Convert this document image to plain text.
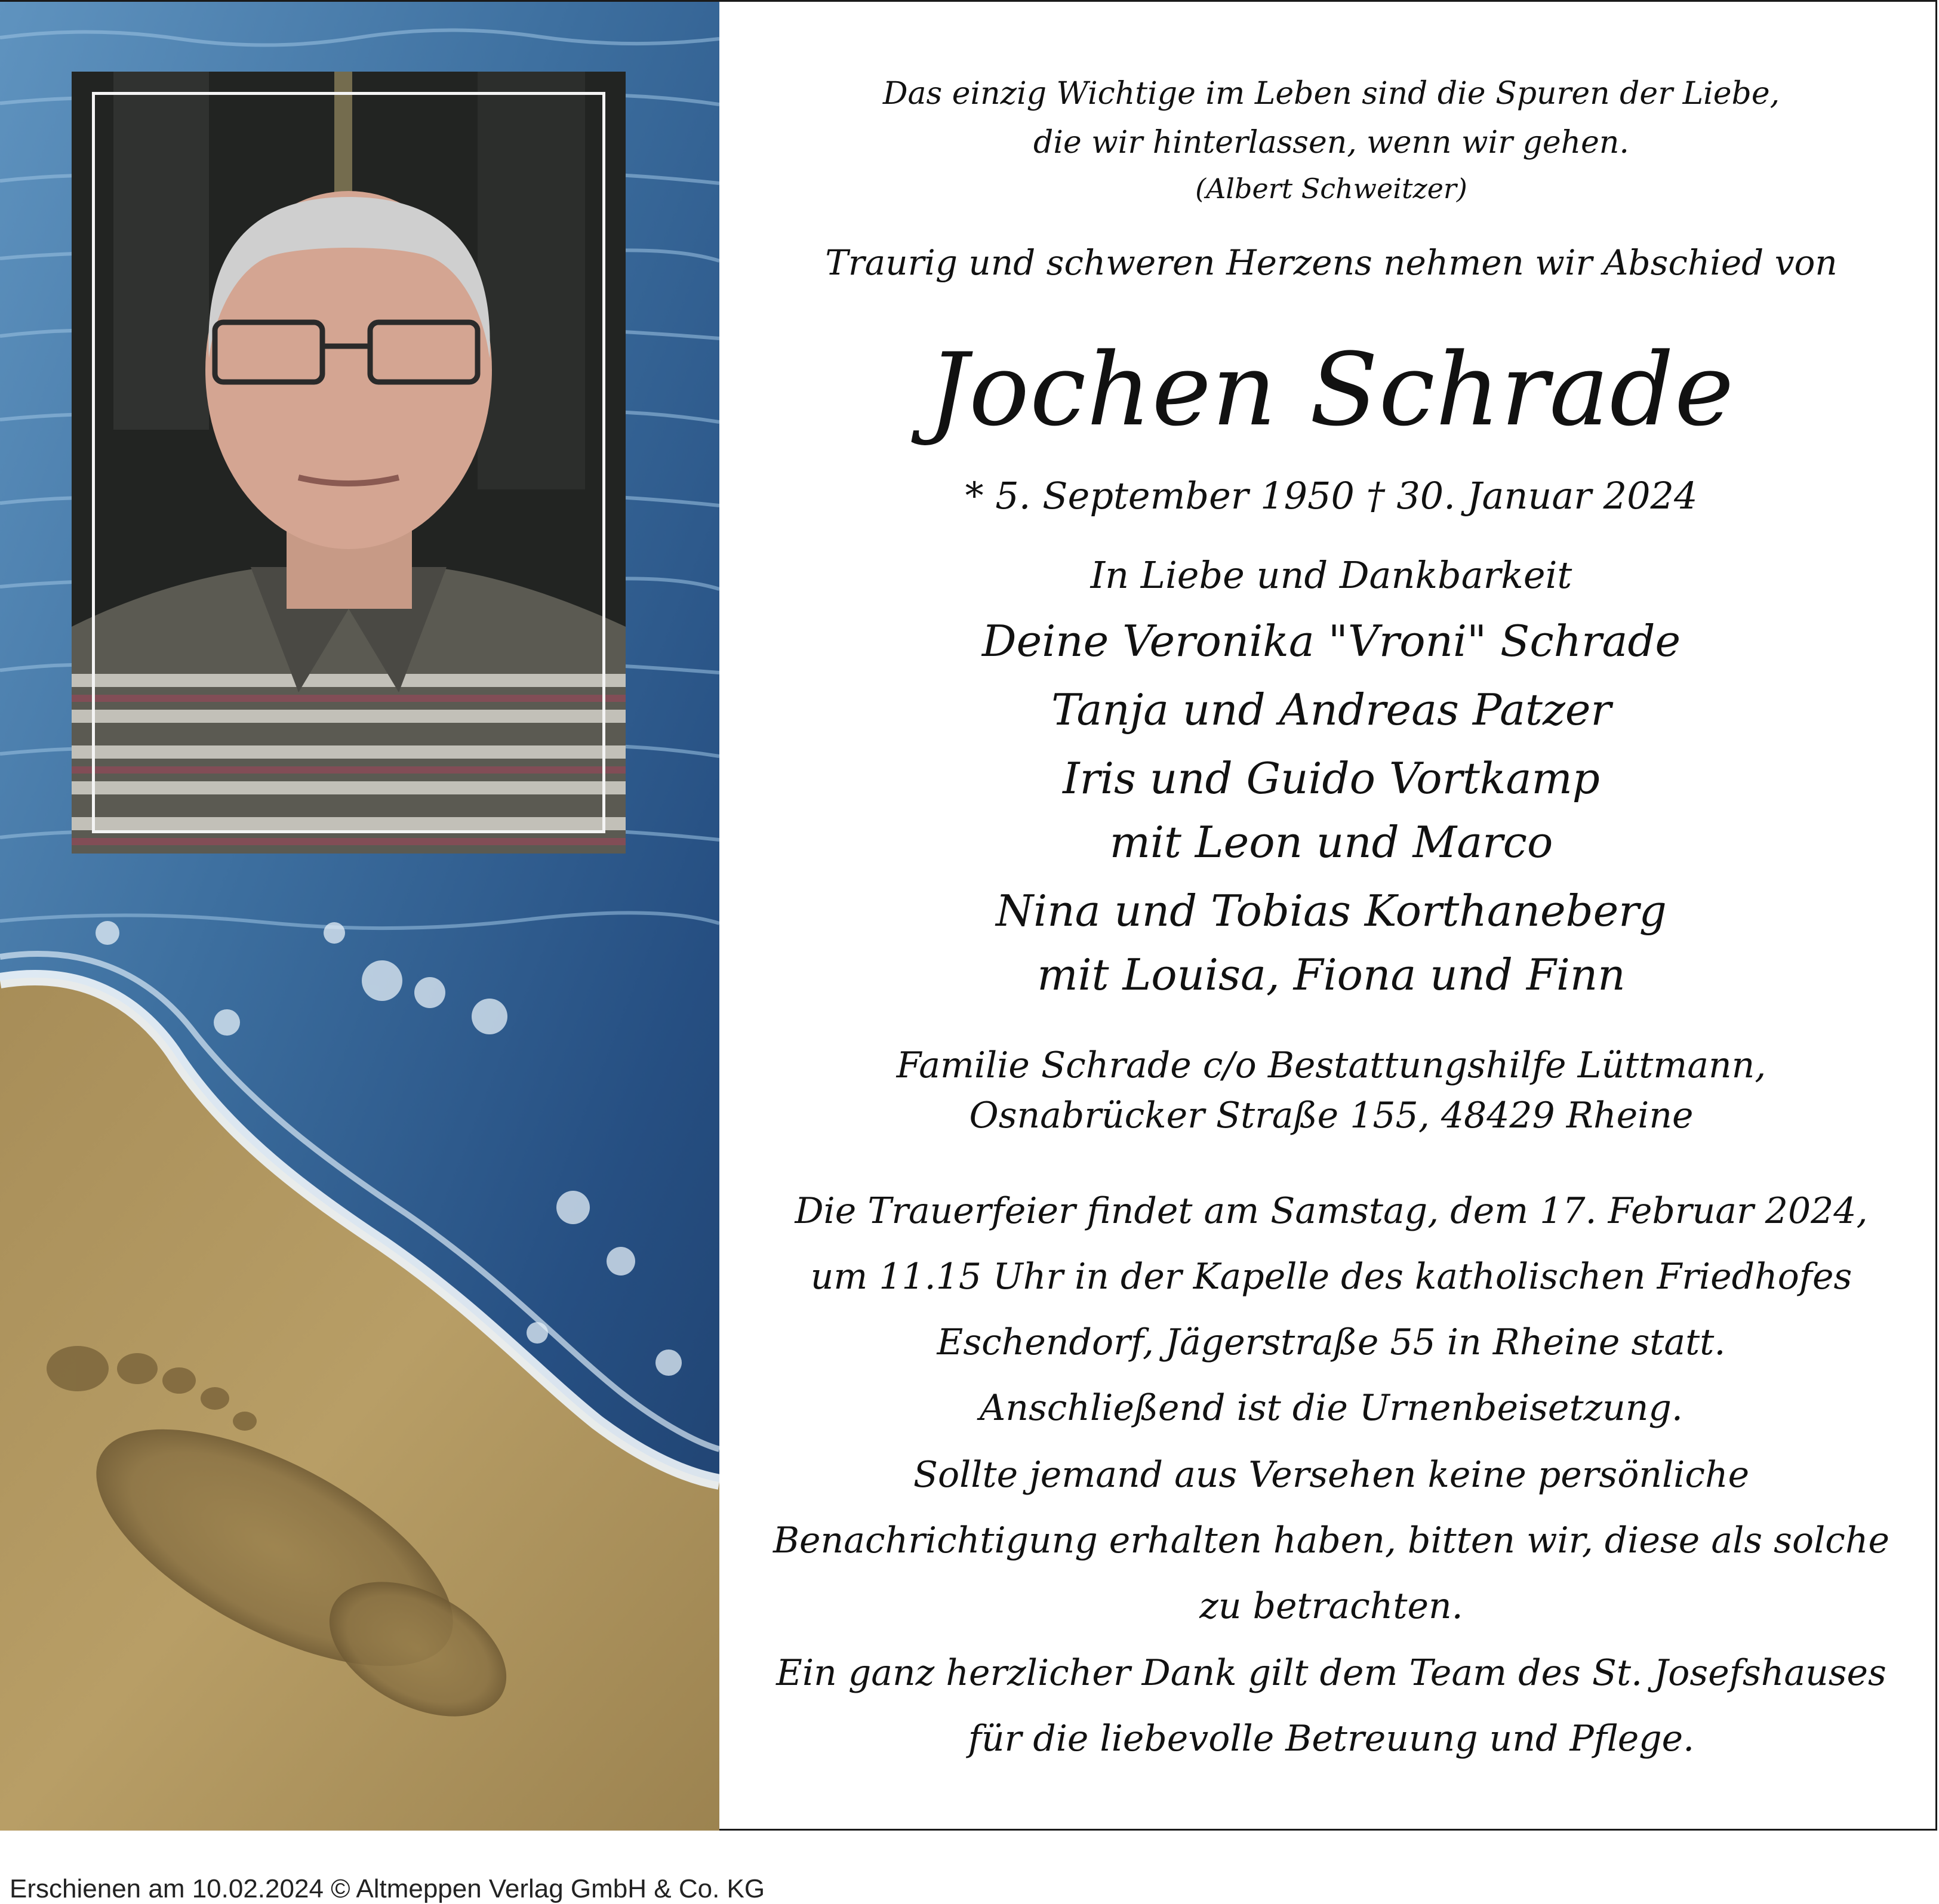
Das einzig Wichtige im Leben sind die Spuren der Liebe,
die wir hinterlassen, wenn wir gehen.
(Albert Schweitzer)
Traurig und schweren Herzens nehmen wir Abschied von
Jochen Schrade
* 5. September 1950 † 30. Januar 2024
In Liebe und Dankbarkeit
Deine Veronika "Vroni" Schrade
Tanja und Andreas Patzer
Iris und Guido Vortkamp
mit Leon und Marco
Nina und Tobias Korthaneberg
mit Louisa, Fiona und Finn
Familie Schrade c/o Bestattungshilfe Lüttmann,
Osnabrücker Straße 155, 48429 Rheine
Die Trauerfeier findet am Samstag, dem 17. Februar 2024,
um 11.15 Uhr in der Kapelle des katholischen Friedhofes
Eschendorf, Jägerstraße 55 in Rheine statt.
Anschließend ist die Urnenbeisetzung.
Sollte jemand aus Versehen keine persönliche
Benachrichtigung erhalten haben, bitten wir, diese als solche
zu betrachten.
Ein ganz herzlicher Dank gilt dem Team des St. Josefshauses
für die liebevolle Betreuung und Pflege.
Erschienen am 10.02.2024 © Altmeppen Verlag GmbH & Co. KG
